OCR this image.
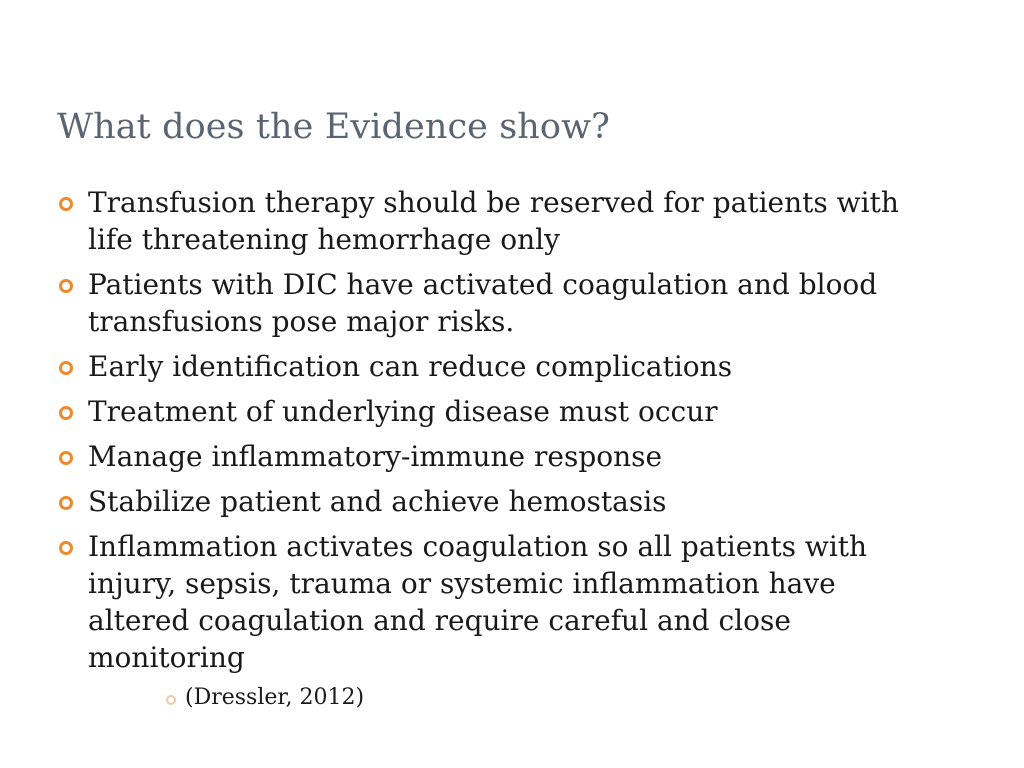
What does the Evidence show?
Transfusion therapy should be reserved for patients with life threatening hemorrhage only
Patients with DIC have activated coagulation and blood transfusions pose major risks.
Early identification can reduce complications
Treatment of underlying disease must occur
Manage inflammatory-immune response
Stabilize patient and achieve hemostasis
Inflammation activates coagulation so all patients with injury, sepsis, trauma or systemic inflammation have altered coagulation and require careful and close monitoring
(Dressler, 2012)
